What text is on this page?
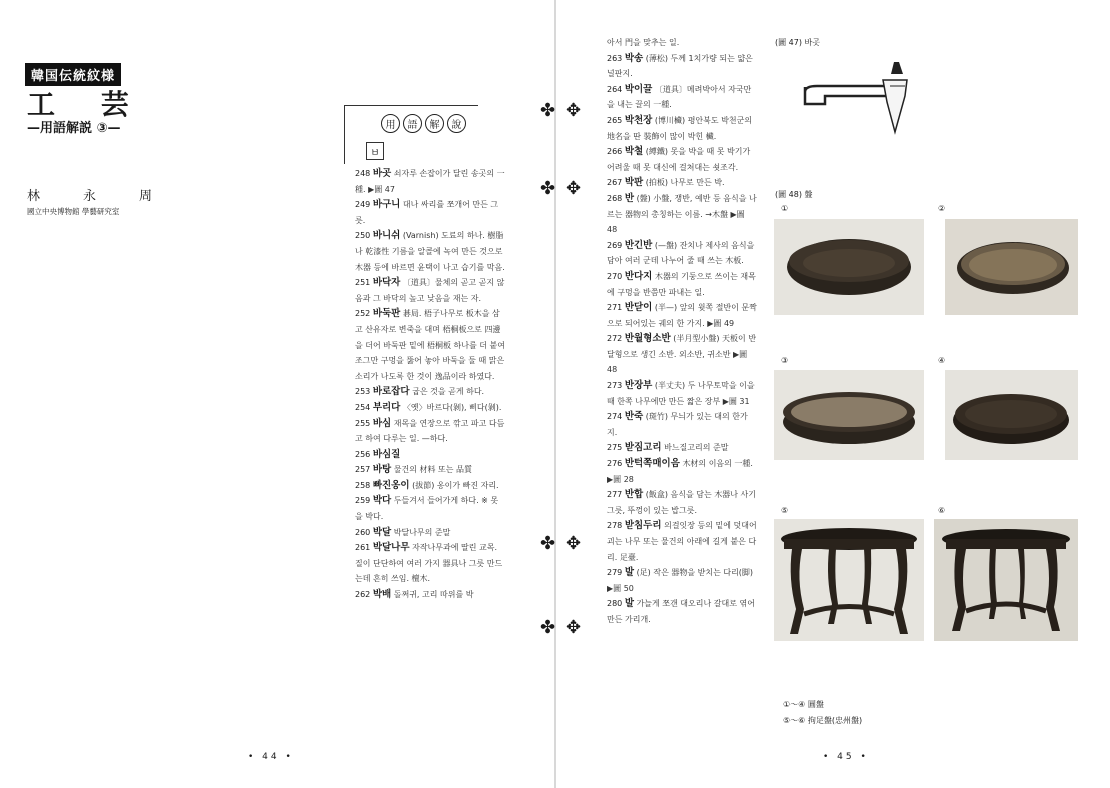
韓国伝統紋様
工 芸
—用語解説 ③—
林	永	周
國立中央博物館 學藝研究室
用	語	解	說
ㅂ

248 바곳 쇠자루 손잡이가 달린 송곳의 一種. ▶圖 47

249 바구니 대나 싸리를 쪼개어 만든 그릇.

250 바니쉬 (Varnish) 도료의 하나. 樹脂나 乾漆性 기름을 알콜에 녹여 만든 것으로 木器 등에 바르면 윤택이 나고 습기를 막음.

251 바닥자 〔道具〕물체의 곧고 곧지 않음과 그 바닥의 높고 낮음을 재는 자.

252 바둑판 碁局. 梧子나무로 板木을 삼고 산유자로 변죽을 대며 梧桐板으로 四邊을 더어 바둑판 밑에 梧桐板 하나를 더 붙여 조그만 구멍을 뚫어 놓아 바둑을 둘 때 맑은 소리가 나도록 한 것이 逸品이라 하였다.

253 바로잡다 굽은 것을 곧게 하다.

254 부리다 〈옛〉바르다(剝), 삐다(剝).

255 바심 재목을 연장으로 깎고 파고 다듬고 하여 다루는 일. —하다.

256 바심질

257 바탕 물건의 材料 또는 品質

258 빠진옹이 (拔節) 옹이가 빠진 자리.

259 박다 두들겨서 들어가게 하다. ※ 못을 박다.

260 박달 박달나무의 준말

261 박달나무 자작나무과에 딸린 교목. 질이 단단하여 여러 가지 器具나 그릇 만드는데 흔히 쓰임. 檀木.

262 박배 돌쩌귀, 고리 따위를 박

아서 門을 맞추는 일.

263 박송 (薄松) 두께 1치가량 되는 얇은 널판지.

264 박이끌 〔道具〕메려박아서 자국만을 내는 끌의 一種.

265 박천장 (博川欌) 평안북도 박천군의 地名을 딴 裝飾이 많이 박힌 欌.

266 박철 (縛鐵) 못을 박을 때 못 박기가 어려울 때 못 대신에 걸쳐대는 쇳조각.

267 박판 (拍板) 나무로 만든 박.

268 반 (盤) 小盤, 쟁반, 예반 등 음식을 나르는 器物의 총칭하는 이름. →木盤 ▶圖 48

269 반긴반 (—盤) 잔치나 제사의 음식을 담아 여러 군데 나누어 줄 때 쓰는 木板.

270 반다지 木器의 기둥으로 쓰이는 재목에 구멍을 반쯤만 파내는 일.

271 반닫이 (半—) 앞의 윗쪽 절반이 문짝으로 되어있는 궤의 한 가지. ▶圖 49

272 반월형소반 (半月型小盤) 天板이 반달형으로 생긴 소반. 외소반, 귀소반 ▶圖 48

273 반장부 (半丈夫) 두 나무토막을 이을 때 한쪽 나무에만 만든 짧은 장부 ▶圖 31

274 반죽 (斑竹) 무늬가 있는 대의 한가지.

275 받짐고리 바느질고리의 준말

276 반턱쪽매이음 木材의 이음의 一種. ▶圖 28

277 반합 (飯盒) 음식을 담는 木器나 사기그릇, 뚜껑이 있는 밥그릇.

278 받침두리 의걸잇장 등의 밑에 덧대어 괴는 나무 또는 물건의 아래에 길게 붙은 다리. 足臺.

279 발 (足) 작은 器物을 받치는 다리(脚) ▶圖 50

280 발 가늘게 쪼갠 대오리나 갈대로 엮어 만든 가리개.

✤ ✥
✤ ✥
✤ ✥
✤ ✥
(圖 47) 바곳
(圖 48) 盤
①	②
③	④
⑤	⑥
①～④ 圓盤
⑤～⑥ 拘足盤(忠州盤)
• 44 •	• 45 •
